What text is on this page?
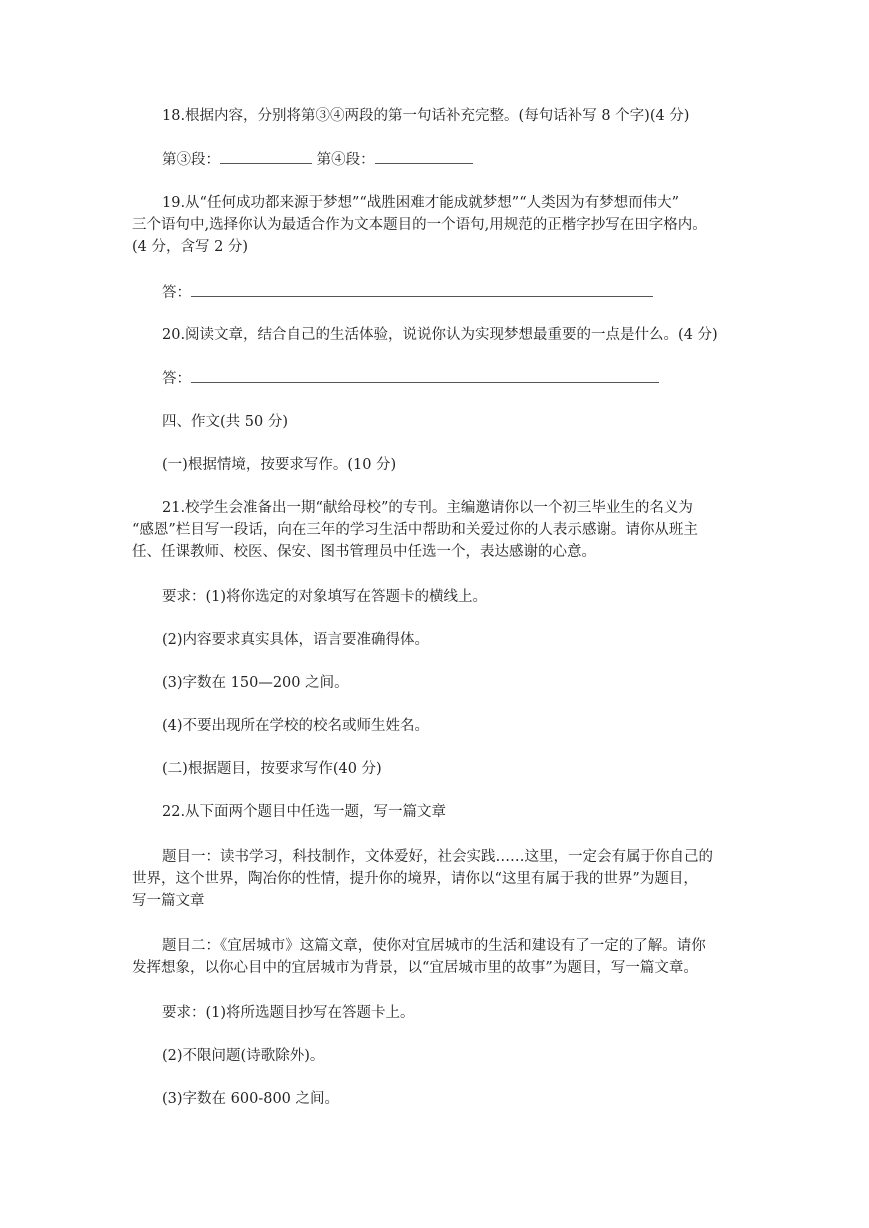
18.根据内容，分别将第③④两段的第一句话补充完整。(每句话补写 8 个字)(4 分)
第③段：	第④段：
19.从“任何成功都来源于梦想”“战胜困难才能成就梦想”“人类因为有梦想而伟大”
三个语句中,选择你认为最适合作为文本题目的一个语句,用规范的正楷字抄写在田字格内。
(4 分，含写 2 分)
答：
20.阅读文章，结合自己的生活体验，说说你认为实现梦想最重要的一点是什么。(4 分)
答：
四、作文(共 50 分)
(一)根据情境，按要求写作。(10 分)
21.校学生会准备出一期“献给母校”的专刊。主编邀请你以一个初三毕业生的名义为
“感恩”栏目写一段话，向在三年的学习生活中帮助和关爱过你的人表示感谢。请你从班主
任、任课教师、校医、保安、图书管理员中任选一个，表达感谢的心意。
要求：(1)将你选定的对象填写在答题卡的横线上。
(2)内容要求真实具体，语言要准确得体。
(3)字数在 150—200 之间。
(4)不要出现所在学校的校名或师生姓名。
(二)根据题目，按要求写作(40 分)
22.从下面两个题目中任选一题，写一篇文章
题目一：读书学习，科技制作，文体爱好，社会实践……这里，一定会有属于你自己的
世界，这个世界，陶冶你的性情，提升你的境界，请你以“这里有属于我的世界”为题目，
写一篇文章
题目二：《宜居城市》这篇文章，使你对宜居城市的生活和建设有了一定的了解。请你
发挥想象，以你心目中的宜居城市为背景，以“宜居城市里的故事”为题目，写一篇文章。
要求：(1)将所选题目抄写在答题卡上。
(2)不限问题(诗歌除外)。
(3)字数在 600-800 之间。
